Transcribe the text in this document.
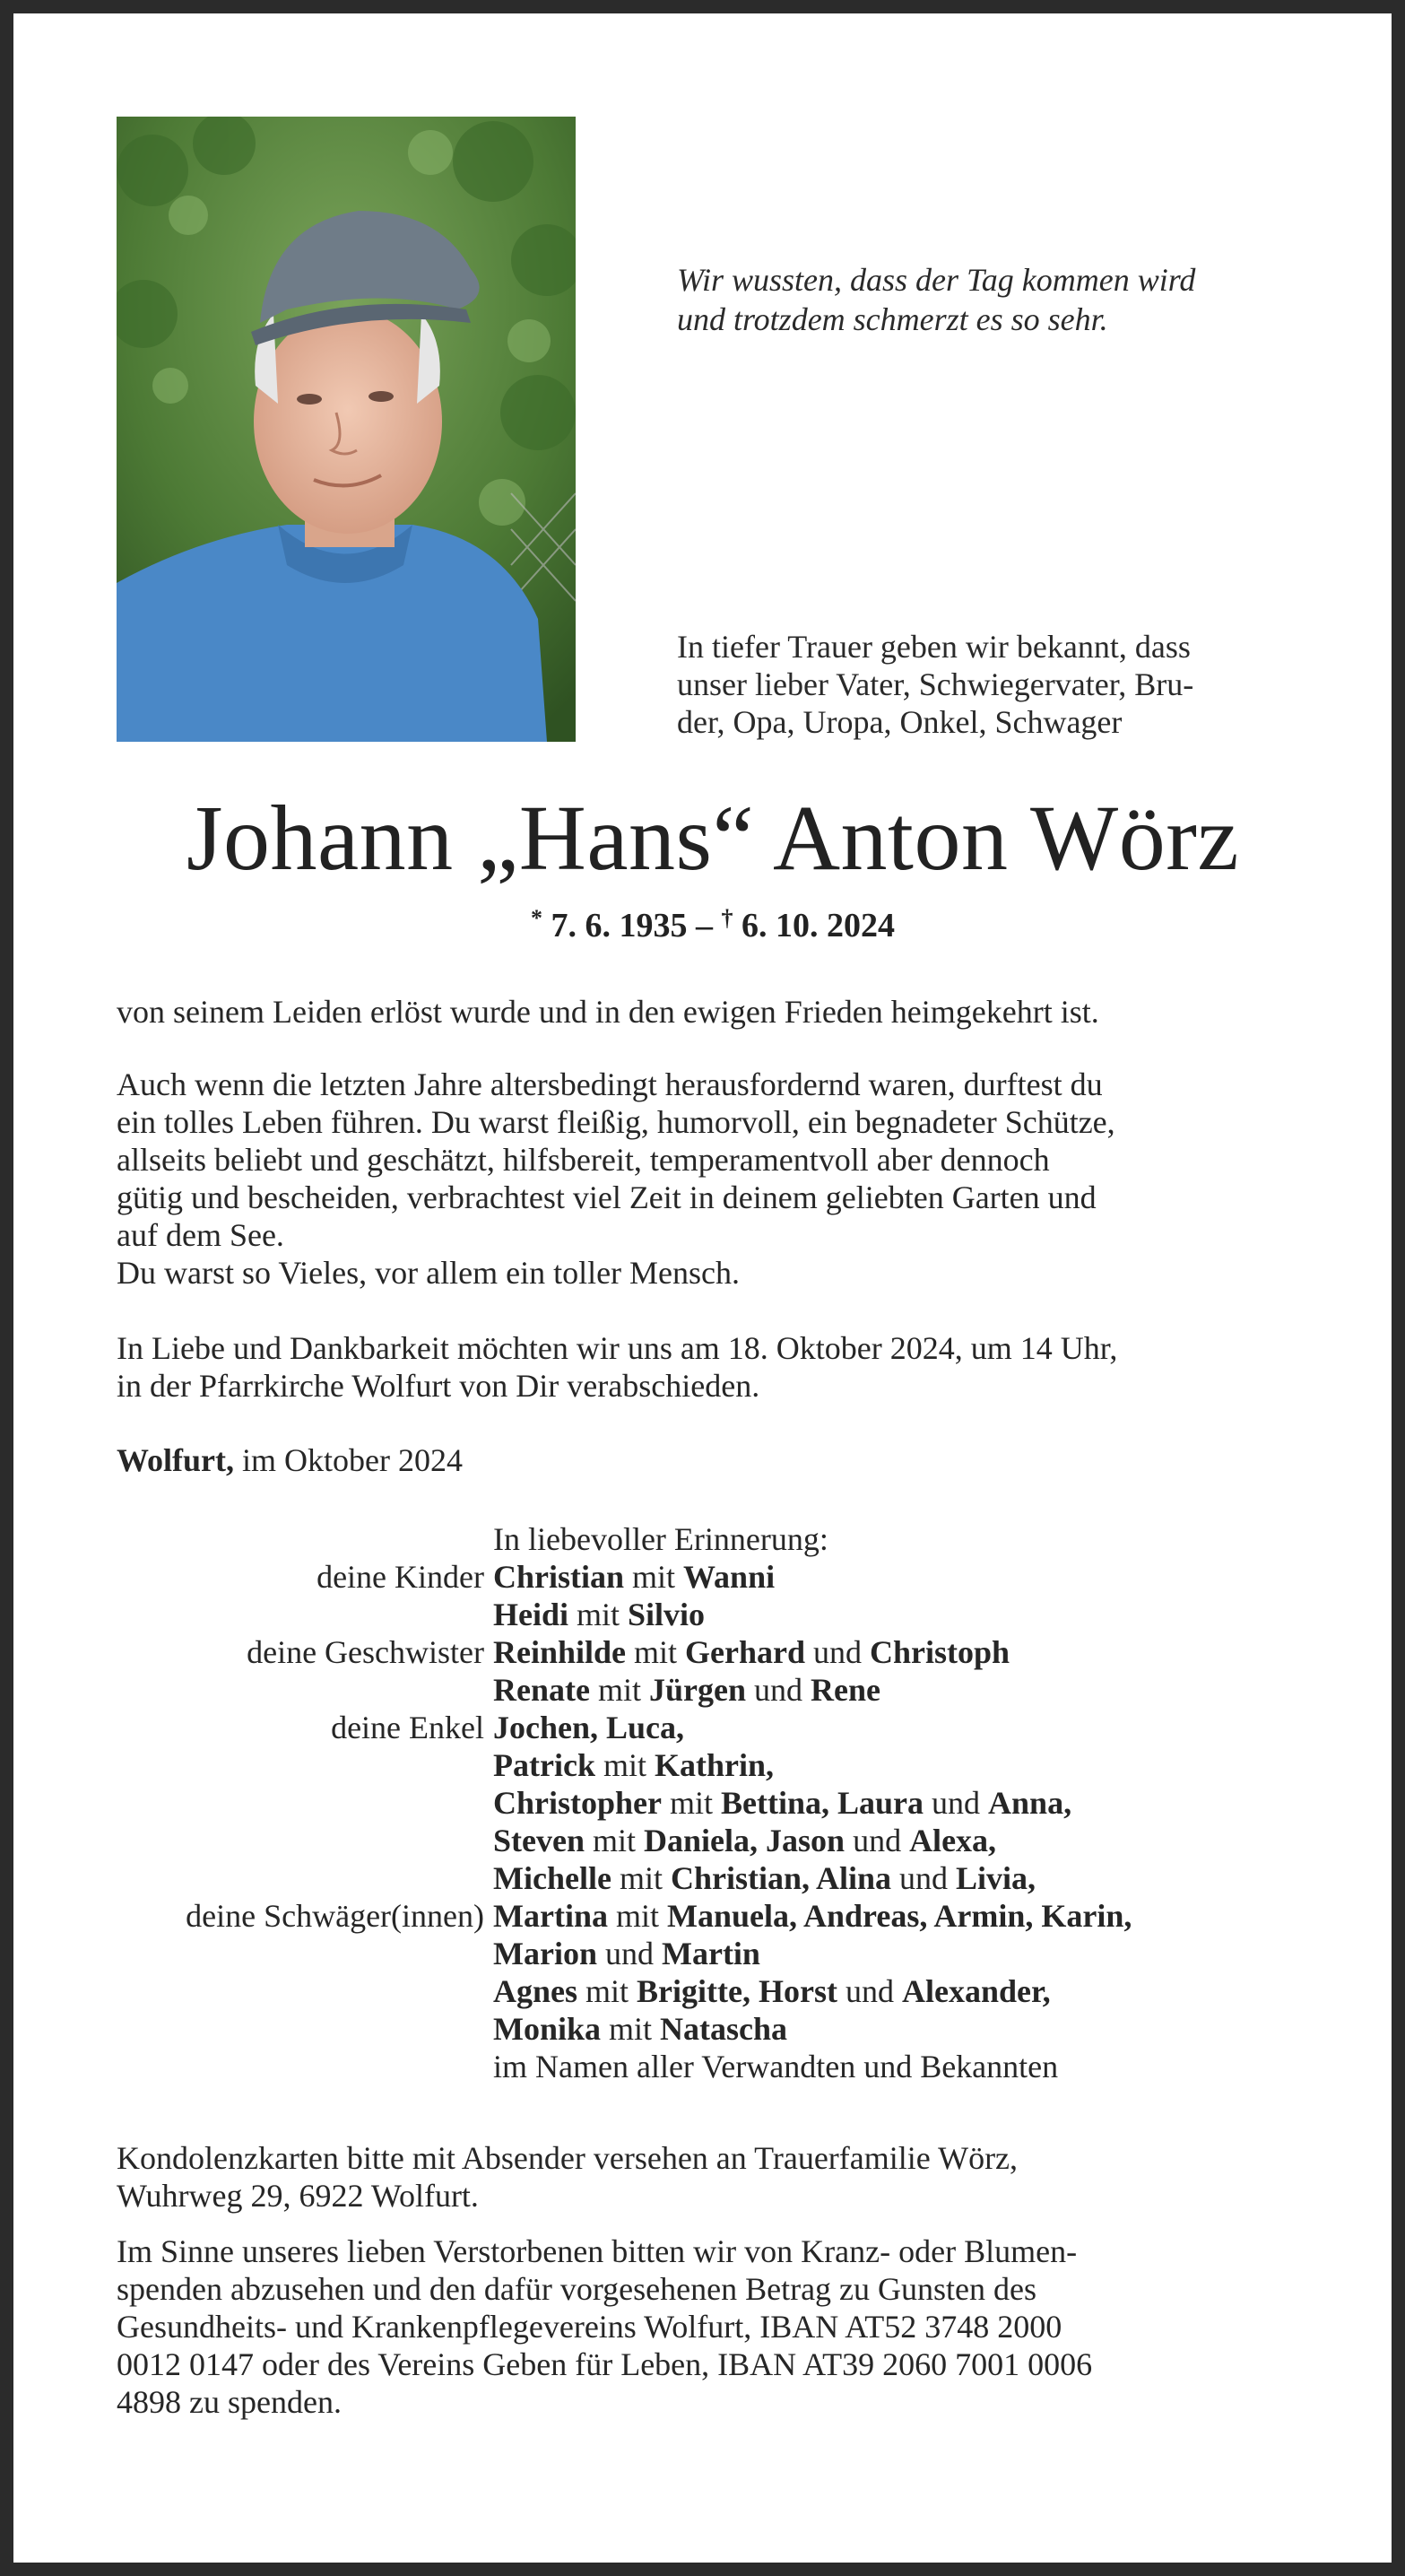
Wir wussten, dass der Tag kommen wird
und trotzdem schmerzt es so sehr.
In tiefer Trauer geben wir bekannt, dass
unser lieber Vater, Schwiegervater, Bru-
der, Opa, Uropa, Onkel, Schwager
Johann „Hans“ Anton Wörz
* 7. 6. 1935 – † 6. 10. 2024
von seinem Leiden erlöst wurde und in den ewigen Frieden heimgekehrt ist.
Auch wenn die letzten Jahre altersbedingt herausfordernd waren, durftest du
ein tolles Leben führen. Du warst fleißig, humorvoll, ein begnadeter Schütze,
allseits beliebt und geschätzt, hilfsbereit, temperamentvoll aber dennoch
gütig und bescheiden, verbrachtest viel Zeit in deinem geliebten Garten und
auf dem See.
Du warst so Vieles, vor allem ein toller Mensch.
In Liebe und Dankbarkeit möchten wir uns am 18. Oktober 2024, um 14 Uhr,
in der Pfarrkirche Wolfurt von Dir verabschieden.
Wolfurt, im Oktober 2024
In liebevoller Erinnerung:
deine Kinder Christian mit Wanni
Heidi mit Silvio
deine Geschwister Reinhilde mit Gerhard und Christoph
Renate mit Jürgen und Rene
deine Enkel Jochen, Luca,
Patrick mit Kathrin,
Christopher mit Bettina, Laura und Anna,
Steven mit Daniela, Jason und Alexa,
Michelle mit Christian, Alina und Livia,
deine Schwäger(innen) Martina mit Manuela, Andreas, Armin, Karin,
Marion und Martin
Agnes mit Brigitte, Horst und Alexander,
Monika mit Natascha
im Namen aller Verwandten und Bekannten
Kondolenzkarten bitte mit Absender versehen an Trauerfamilie Wörz,
Wuhrweg 29, 6922 Wolfurt.
Im Sinne unseres lieben Verstorbenen bitten wir von Kranz- oder Blumen-
spenden abzusehen und den dafür vorgesehenen Betrag zu Gunsten des
Gesundheits- und Krankenpflegevereins Wolfurt, IBAN AT52 3748 2000
0012 0147 oder des Vereins Geben für Leben, IBAN AT39 2060 7001 0006
4898 zu spenden.
